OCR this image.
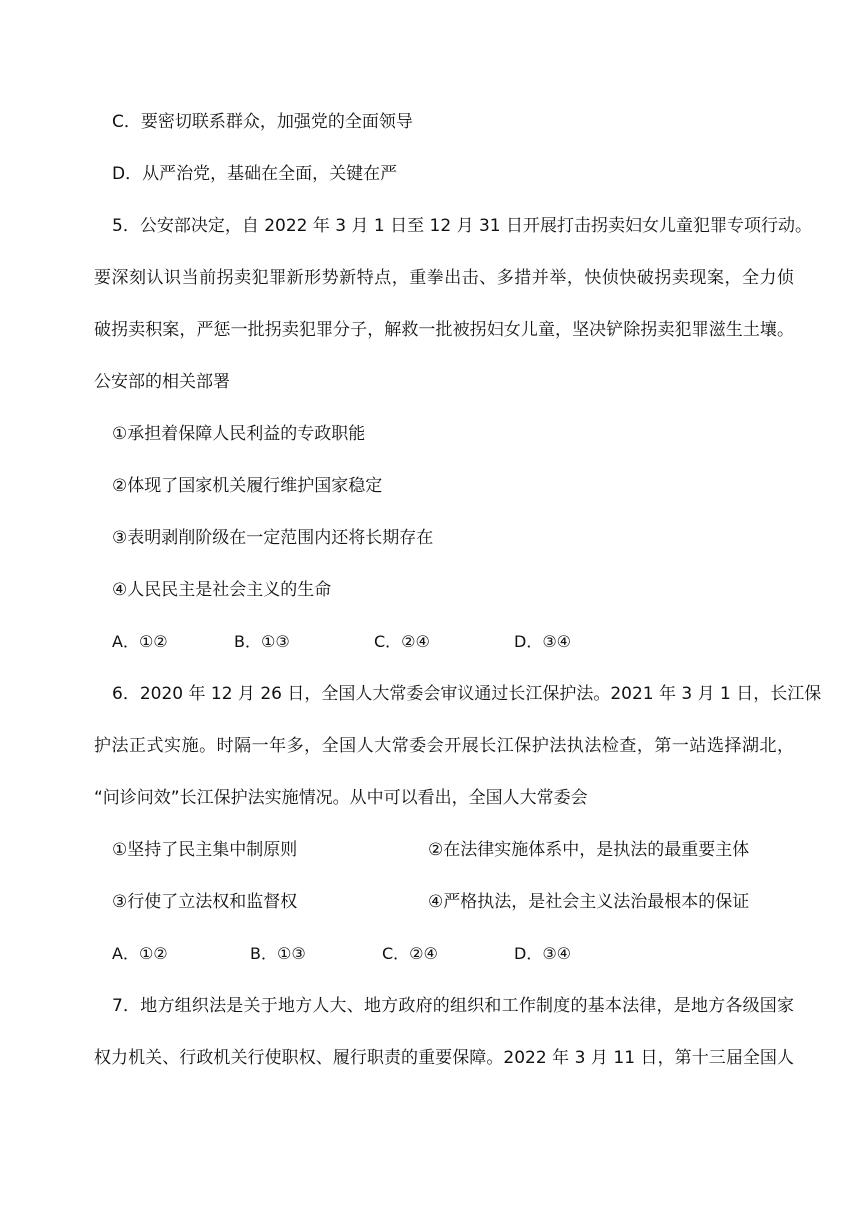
C．要密切联系群众，加强党的全面领导
D．从严治党，基础在全面，关键在严
5．公安部决定，自 2022 年 3 月 1 日至 12 月 31 日开展打击拐卖妇女儿童犯罪专项行动。
要深刻认识当前拐卖犯罪新形势新特点，重拳出击、多措并举，快侦快破拐卖现案，全力侦
破拐卖积案，严惩一批拐卖犯罪分子，解救一批被拐妇女儿童，坚决铲除拐卖犯罪滋生土壤。
公安部的相关部署
①承担着保障人民利益的专政职能
②体现了国家机关履行维护国家稳定
③表明剥削阶级在一定范围内还将长期存在
④人民民主是社会主义的生命
A．①②	B．①③	C．②④	D．③④
6．2020 年 12 月 26 日，全国人大常委会审议通过长江保护法。2021 年 3 月 1 日，长江保
护法正式实施。时隔一年多，全国人大常委会开展长江保护法执法检查，第一站选择湖北，
“问诊问效”长江保护法实施情况。从中可以看出，全国人大常委会
①坚持了民主集中制原则	②在法律实施体系中，是执法的最重要主体
③行使了立法权和监督权	④严格执法，是社会主义法治最根本的保证
A．①②	B．①③	C．②④	D．③④
7．地方组织法是关于地方人大、地方政府的组织和工作制度的基本法律，是地方各级国家
权力机关、行政机关行使职权、履行职责的重要保障。2022 年 3 月 11 日，第十三届全国人
